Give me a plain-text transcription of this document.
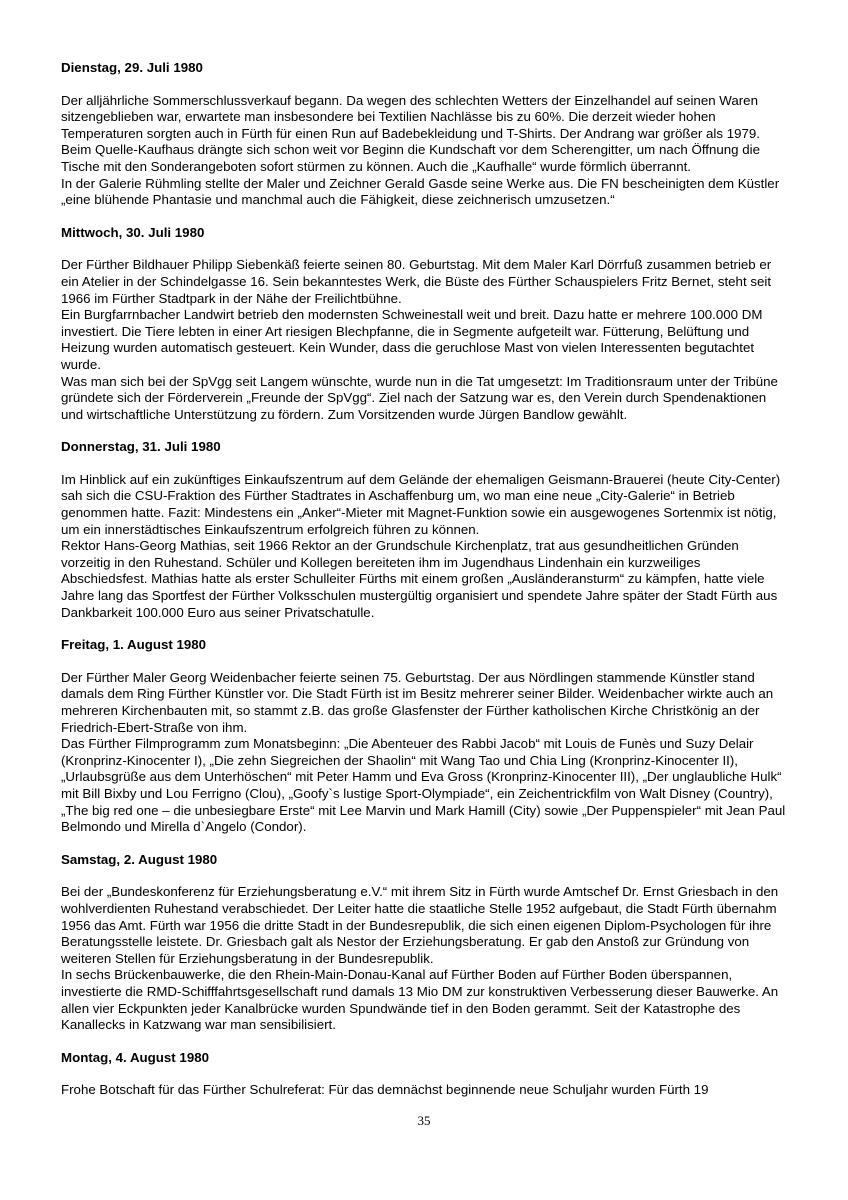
Dienstag, 29. Juli 1980

Der alljährliche Sommerschlussverkauf begann. Da wegen des schlechten Wetters der Einzelhandel auf seinen Waren sitzengeblieben war, erwartete man insbesondere bei Textilien Nachlässe bis zu 60%. Die derzeit wieder hohen Temperaturen sorgten auch in Fürth für einen Run auf Badebekleidung und T-Shirts. Der Andrang war größer als 1979. Beim Quelle-Kaufhaus drängte sich schon weit vor Beginn die Kundschaft vor dem Scherengitter, um nach Öffnung die Tische mit den Sonderangeboten sofort stürmen zu können. Auch die „Kaufhalle“ wurde förmlich überrannt.

In der Galerie Rühmling stellte der Maler und Zeichner Gerald Gasde seine Werke aus. Die FN bescheinigten dem Küstler „eine blühende Phantasie und manchmal auch die Fähigkeit, diese zeichnerisch umzusetzen.“

Mittwoch, 30. Juli 1980

Der Fürther Bildhauer Philipp Siebenkäß feierte seinen 80. Geburtstag. Mit dem Maler Karl Dörrfuß zusammen betrieb er ein Atelier in der Schindelgasse 16. Sein bekanntestes Werk, die Büste des Fürther Schauspielers Fritz Bernet, steht seit 1966 im Fürther Stadtpark in der Nähe der Freilichtbühne.

Ein Burgfarrnbacher Landwirt betrieb den modernsten Schweinestall weit und breit. Dazu hatte er mehrere 100.000 DM investiert. Die Tiere lebten in einer Art riesigen Blechpfanne, die in Segmente aufgeteilt war. Fütterung, Belüftung und Heizung wurden automatisch gesteuert. Kein Wunder, dass die geruchlose Mast von vielen Interessenten begutachtet wurde.

Was man sich bei der SpVgg seit Langem wünschte, wurde nun in die Tat umgesetzt: Im Traditionsraum unter der Tribüne gründete sich der Förderverein „Freunde der SpVgg“. Ziel nach der Satzung war es, den Verein durch Spendenaktionen und wirtschaftliche Unterstützung zu fördern. Zum Vorsitzenden wurde Jürgen Bandlow gewählt.

Donnerstag, 31. Juli 1980

Im Hinblick auf ein zukünftiges Einkaufszentrum auf dem Gelände der ehemaligen Geismann-Brauerei (heute City-Center) sah sich die CSU-Fraktion des Fürther Stadtrates in Aschaffenburg um, wo man eine neue „City-Galerie“ in Betrieb genommen hatte. Fazit: Mindestens ein „Anker“-Mieter mit Magnet-Funktion sowie ein ausgewogenes Sortenmix ist nötig, um ein innerstädtisches Einkaufszentrum erfolgreich führen zu können.

Rektor Hans-Georg Mathias, seit 1966 Rektor an der Grundschule Kirchenplatz, trat aus gesundheitlichen Gründen vorzeitig in den Ruhestand. Schüler und Kollegen bereiteten ihm im Jugendhaus Lindenhain ein kurzweiliges Abschiedsfest. Mathias hatte als erster Schulleiter Fürths mit einem großen „Ausländeransturm“ zu kämpfen, hatte viele Jahre lang das Sportfest der Fürther Volksschulen mustergültig organisiert und spendete Jahre später der Stadt Fürth aus Dankbarkeit 100.000 Euro aus seiner Privatschatulle.

Freitag, 1. August 1980

Der Fürther Maler Georg Weidenbacher feierte seinen 75. Geburtstag. Der aus Nördlingen stammende Künstler stand damals dem Ring Fürther Künstler vor. Die Stadt Fürth ist im Besitz mehrerer seiner Bilder. Weidenbacher wirkte auch an mehreren Kirchenbauten mit, so stammt z.B. das große Glasfenster der Fürther katholischen Kirche Christkönig an der Friedrich-Ebert-Straße von ihm.

Das Fürther Filmprogramm zum Monatsbeginn: „Die Abenteuer des Rabbi Jacob“ mit Louis de Funès und Suzy Delair (Kronprinz-Kinocenter I), „Die zehn Siegreichen der Shaolin“ mit Wang Tao und Chia Ling (Kronprinz-Kinocenter II), „Urlaubsgrüße aus dem Unterhöschen“ mit Peter Hamm und Eva Gross (Kronprinz-Kinocenter III), „Der unglaubliche Hulk“ mit Bill Bixby und Lou Ferrigno (Clou), „Goofy`s lustige Sport-Olympiade“, ein Zeichentrickfilm von Walt Disney (Country), „The big red one – die unbesiegbare Erste“ mit Lee Marvin und Mark Hamill (City) sowie „Der Puppenspieler“ mit Jean Paul Belmondo und Mirella d`Angelo (Condor).

Samstag, 2. August 1980

Bei der „Bundeskonferenz für Erziehungsberatung e.V.“ mit ihrem Sitz in Fürth wurde Amtschef Dr. Ernst Griesbach in den wohlverdienten Ruhestand verabschiedet. Der Leiter hatte die staatliche Stelle 1952 aufgebaut, die Stadt Fürth übernahm 1956 das Amt. Fürth war 1956 die dritte Stadt in der Bundesrepublik, die sich einen eigenen Diplom-Psychologen für ihre Beratungsstelle leistete. Dr. Griesbach galt als Nestor der Erziehungsberatung. Er gab den Anstoß zur Gründung von weiteren Stellen für Erziehungsberatung in der Bundesrepublik.

In sechs Brückenbauwerke, die den Rhein-Main-Donau-Kanal auf Fürther Boden auf Fürther Boden überspannen, investierte die RMD-Schifffahrtsgesellschaft rund damals 13 Mio DM zur konstruktiven Verbesserung dieser Bauwerke. An allen vier Eckpunkten jeder Kanalbrücke wurden Spundwände tief in den Boden gerammt. Seit der Katastrophe des Kanallecks in Katzwang war man sensibilisiert.

Montag, 4. August 1980

Frohe Botschaft für das Fürther Schulreferat: Für das demnächst beginnende neue Schuljahr wurden Fürth 19

35
